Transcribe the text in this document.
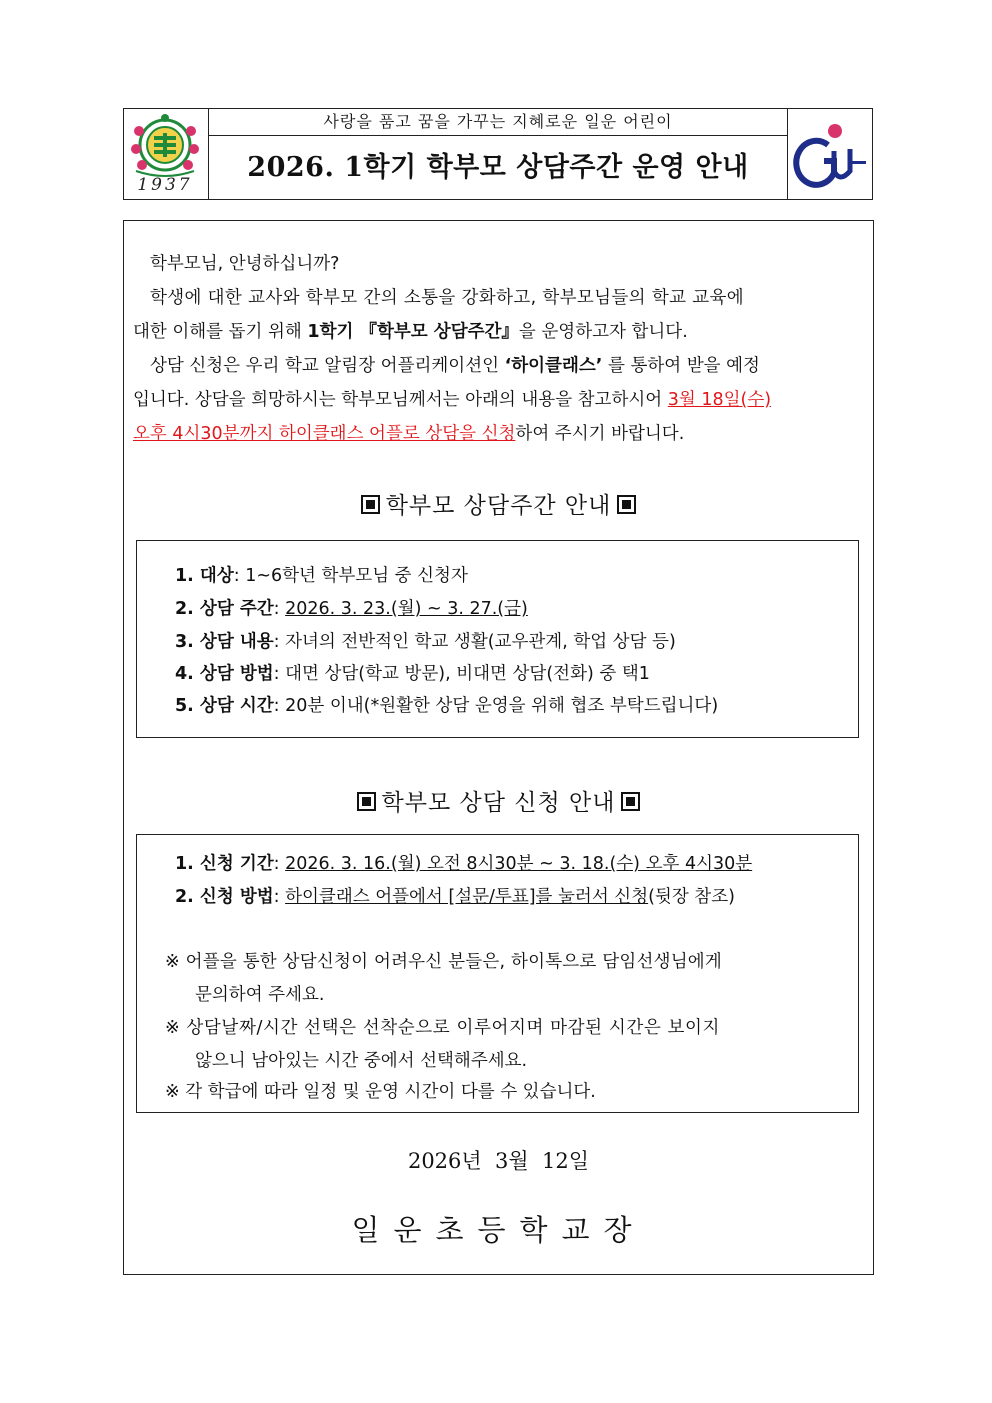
1937
사랑을 품고 꿈을 가꾸는 지혜로운 일운 어린이
2026. 1학기 학부모 상담주간 운영 안내
학부모님, 안녕하십니까?
학생에 대한 교사와 학부모 간의 소통을 강화하고, 학부모님들의 학교 교육에
대한 이해를 돕기 위해 1학기 『학부모 상담주간』을 운영하고자 합니다.
상담 신청은 우리 학교 알림장 어플리케이션인 ‘하이클래스’ 를 통하여 받을 예정
입니다. 상담을 희망하시는 학부모님께서는 아래의 내용을 참고하시어 3월 18일(수)
오후 4시30분까지 하이클래스 어플로 상담을 신청하여 주시기 바랍니다.
학부모 상담주간 안내
1. 대상: 1~6학년 학부모님 중 신청자
2. 상담 주간: 2026. 3. 23.(월) ~ 3. 27.(금)
3. 상담 내용: 자녀의 전반적인 학교 생활(교우관계, 학업 상담 등)
4. 상담 방법: 대면 상담(학교 방문), 비대면 상담(전화) 중 택1
5. 상담 시간: 20분 이내(*원활한 상담 운영을 위해 협조 부탁드립니다)
학부모 상담 신청 안내
1. 신청 기간: 2026. 3. 16.(월) 오전 8시30분 ~ 3. 18.(수) 오후 4시30분
2. 신청 방법: 하이클래스 어플에서 [설문/투표]를 눌러서 신청(뒷장 참조)
※ 어플을 통한 상담신청이 어려우신 분들은, 하이톡으로 담임선생님에게
문의하여 주세요.
※ 상담날짜/시간 선택은 선착순으로 이루어지며 마감된 시간은 보이지
않으니 남아있는 시간 중에서 선택해주세요.
※ 각 학급에 따라 일정 및 운영 시간이 다를 수 있습니다.
2026년  3월  12일
일운초등학교장
